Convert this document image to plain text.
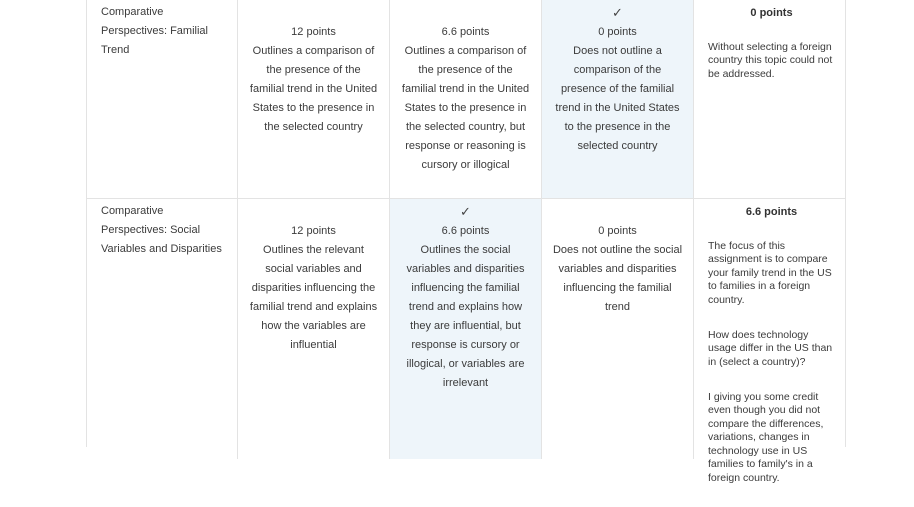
Comparative Perspectives: Familial Trend
12 points
Outlines a comparison of the presence of the familial trend in the United States to the presence in the selected country
6.6 points
Outlines a comparison of the presence of the familial trend in the United States to the presence in the selected country, but response or reasoning is cursory or illogical
✓
0 points
Does not outline a comparison of the presence of the familial trend in the United States to the presence in the selected country
0 points

Without selecting a foreign country this topic could not be addressed.

Comparative Perspectives: Social Variables and Disparities
12 points
Outlines the relevant social variables and disparities influencing the familial trend and explains how the variables are influential
✓
6.6 points
Outlines the social variables and disparities influencing the familial trend and explains how they are influential, but response is cursory or illogical, or variables are irrelevant
0 points
Does not outline the social variables and disparities influencing the familial trend
6.6 points

The focus of this assignment is to compare your family trend in the US to families in a foreign country.

How does technology usage differ in the US than in (select a country)?

I giving you some credit even though you did not compare the differences, variations, changes in technology use in US families to family's in a foreign country.
